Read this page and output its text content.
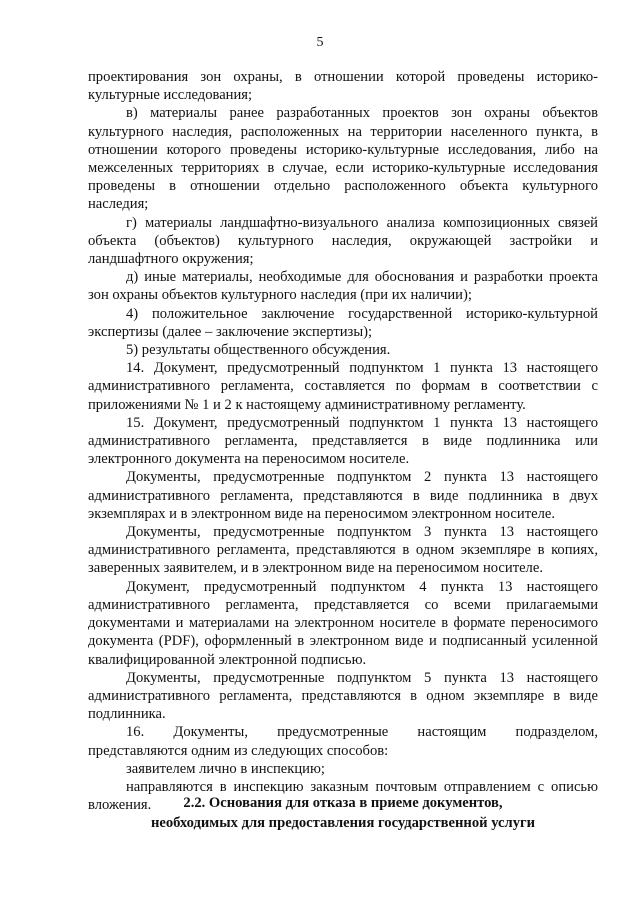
5

проектирования зон охраны, в отношении которой проведены историко-культурные исследования;

в) материалы ранее разработанных проектов зон охраны объектов культурного наследия, расположенных на территории населенного пункта, в отношении которого проведены историко-культурные исследования, либо на межселенных территориях в случае, если историко-культурные исследования проведены в отношении отдельно расположенного объекта культурного наследия;

г) материалы ландшафтно-визуального анализа композиционных связей объекта (объектов) культурного наследия, окружающей застройки и ландшафтного окружения;

д) иные материалы, необходимые для обоснования и разработки проекта зон охраны объектов культурного наследия (при их наличии);

4) положительное заключение государственной историко-культурной экспертизы (далее – заключение экспертизы);

5) результаты общественного обсуждения.

14. Документ, предусмотренный подпунктом 1 пункта 13 настоящего административного регламента, составляется по формам в соответствии с приложениями № 1 и 2 к настоящему административному регламенту.

15. Документ, предусмотренный подпунктом 1 пункта 13 настоящего административного регламента, представляется в виде подлинника или электронного документа на переносимом носителе.

Документы, предусмотренные подпунктом 2 пункта 13 настоящего административного регламента, представляются в виде подлинника в двух экземплярах и в электронном виде на переносимом электронном носителе.

Документы, предусмотренные подпунктом 3 пункта 13 настоящего административного регламента, представляются в одном экземпляре в копиях, заверенных заявителем, и в электронном виде на переносимом носителе.

Документ, предусмотренный подпунктом 4 пункта 13 настоящего административного регламента, представляется со всеми прилагаемыми документами и материалами на электронном носителе в формате переносимого документа (PDF), оформленный в электронном виде и подписанный усиленной квалифицированной электронной подписью.

Документы, предусмотренные подпунктом 5 пункта 13 настоящего административного регламента, представляются в одном экземпляре в виде подлинника.

16. Документы, предусмотренные настоящим подразделом, представляются одним из следующих способов:

заявителем лично в инспекцию;

направляются в инспекцию заказным почтовым отправлением с описью вложения.	2.2. Основания для отказа в приеме документов,
необходимых для предоставления государственной услуги
